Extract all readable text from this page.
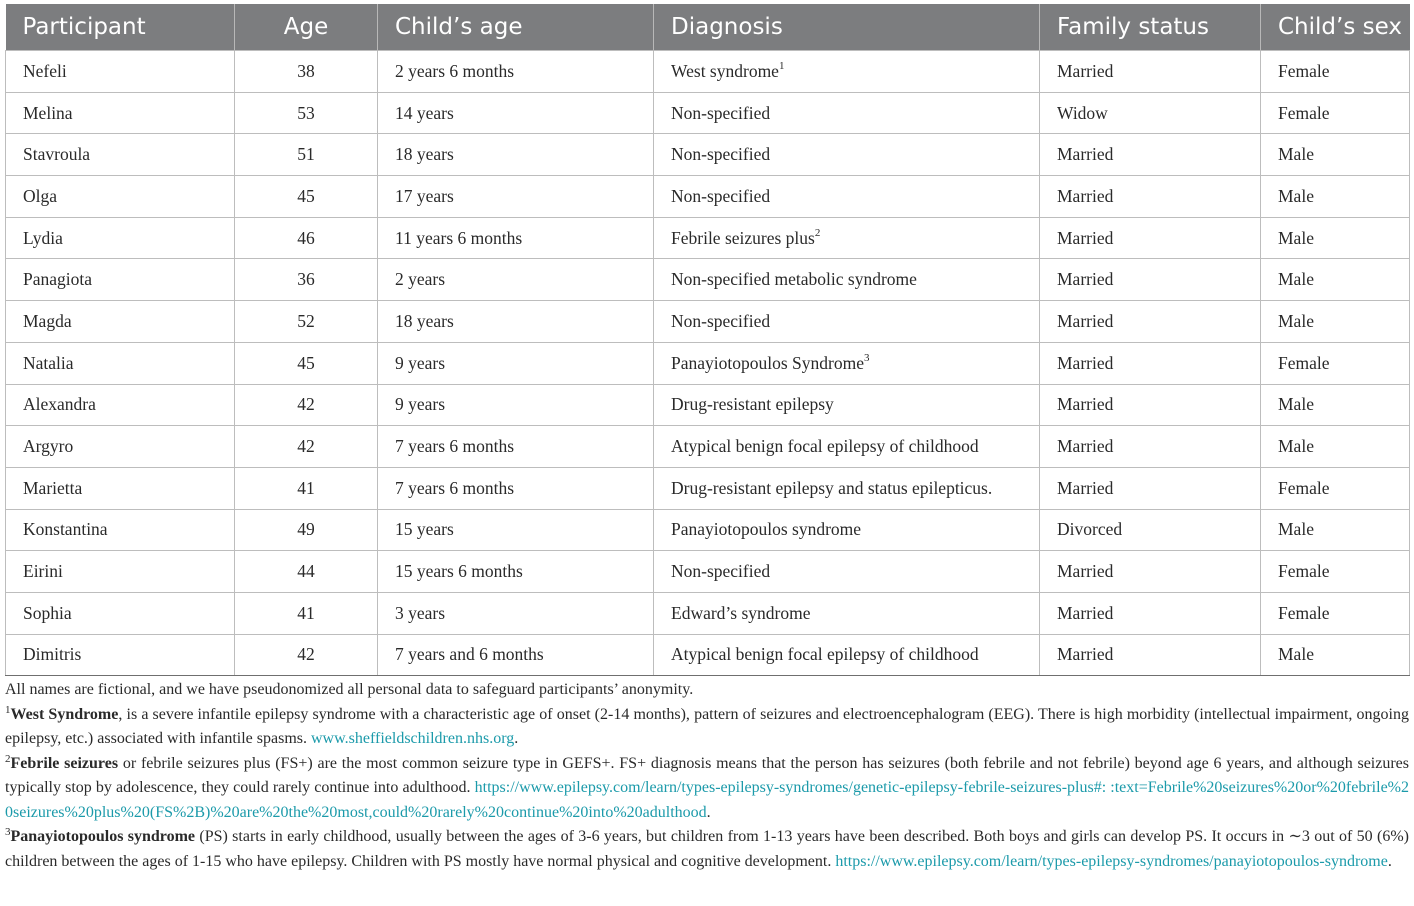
Participant	Age	Child’s age	Diagnosis	Family status	Child’s sex
Nefeli	38	2 years 6 months	West syndrome$^1$	Married	Female
Melina	53	14 years	Non-specified	Widow	Female
Stavroula	51	18 years	Non-specified	Married	Male
Olga	45	17 years	Non-specified	Married	Male
Lydia	46	11 years 6 months	Febrile seizures plus$^2$	Married	Male
Panagiota	36	2 years	Non-specified metabolic syndrome	Married	Male
Magda	52	18 years	Non-specified	Married	Male
Natalia	45	9 years	Panayiotopoulos Syndrome$^3$	Married	Female
Alexandra	42	9 years	Drug-resistant epilepsy	Married	Male
Argyro	42	7 years 6 months	Atypical benign focal epilepsy of childhood	Married	Male
Marietta	41	7 years 6 months	Drug-resistant epilepsy and status epilepticus.	Married	Female
Konstantina	49	15 years	Panayiotopoulos syndrome	Divorced	Male
Eirini	44	15 years 6 months	Non-specified	Married	Female
Sophia	41	3 years	Edward’s syndrome	Married	Female
Dimitris	42	7 years and 6 months	Atypical benign focal epilepsy of childhood	Married	Male

All names are fictional, and we have pseudonomized all personal data to safeguard participants’ anonymity.

$^1$West Syndrome, is a severe infantile epilepsy syndrome with a characteristic age of onset (2-14 months), pattern of seizures and electroencephalogram (EEG). There is high morbidity (intellectual impairment, ongoing epilepsy, etc.) associated with infantile spasms. www.sheffieldschildren.nhs.org.

$^2$Febrile seizures or febrile seizures plus (FS+) are the most common seizure type in GEFS+. FS+ diagnosis means that the person has seizures (both febrile and not febrile) beyond age 6 years, and although seizures typically stop by adolescence, they could rarely continue into adulthood. https://www.epilepsy.com/learn/types-epilepsy-syndromes/genetic-epilepsy-febrile-seizures-plus#: :text=Febrile%20seizures%20or%20febrile%20seizures%20plus%20(FS%2B)%20are%20the%20most,could%20rarely%20continue%20into%20adulthood.

$^3$Panayiotopoulos syndrome (PS) starts in early childhood, usually between the ages of 3-6 years, but children from 1-13 years have been described. Both boys and girls can develop PS. It occurs in ∼3 out of 50 (6%) children between the ages of 1-15 who have epilepsy. Children with PS mostly have normal physical and cognitive development. https://www.epilepsy.com/learn/types-epilepsy-syndromes/panayiotopoulos-syndrome.
